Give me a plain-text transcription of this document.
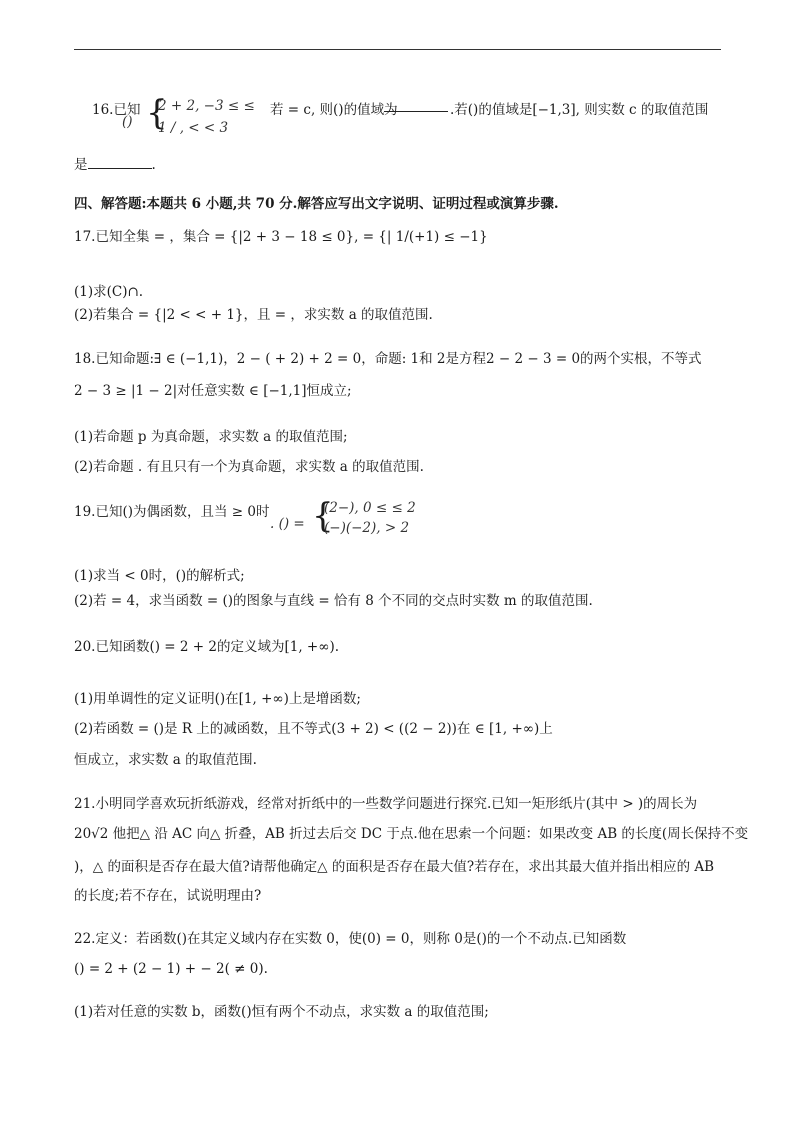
16.已知
() {
2 + 2, −3 ≤ ≤
1 / , < < 3
若 = c, 则()的值域为	.若()的值域是[−1,3], 则实数 c 的取值范围
是	.
四、解答题:本题共 6 小题,共 70 分.解答应写出文字说明、证明过程或演算步骤.
17.已知全集 = ，集合 = {|2 + 3 − 18 ≤ 0}, = {| 1/(+1) ≤ −1}
(1)求(C)∩.
(2)若集合 = {|2 < < + 1}，且 = ，求实数 a 的取值范围.
18.已知命题:∃ ∈ (−1,1)，2 − ( + 2) + 2 = 0，命题: 1和 2是方程2 − 2 − 3 = 0的两个实根，不等式
2 − 3 ≥ |1 − 2|对任意实数 ∈ [−1,1]恒成立;
(1)若命题 p 为真命题，求实数 a 的取值范围;
(2)若命题 . 有且只有一个为真命题，求实数 a 的取值范围.
19.已知()为偶函数，且当 ≥ 0时
. () = {
(2−), 0 ≤ ≤ 2
(−)(−2), > 2
(1)求当 < 0时，()的解析式;
(2)若 = 4，求当函数 = ()的图象与直线 = 恰有 8 个不同的交点时实数 m 的取值范围.
20.已知函数() = 2 + 2的定义域为[1, +∞).
(1)用单调性的定义证明()在[1, +∞)上是增函数;
(2)若函数 = ()是 R 上的减函数，且不等式(3 + 2) < ((2 − 2))在 ∈ [1, +∞)上
恒成立，求实数 a 的取值范围.
21.小明同学喜欢玩折纸游戏，经常对折纸中的一些数学问题进行探究.已知一矩形纸片(其中 > )的周长为
20√2 他把△ 沿 AC 向△ 折叠，AB 折过去后交 DC 于点.他在思索一个问题：如果改变 AB 的长度(周长保持不变
)，△ 的面积是否存在最大值?请帮他确定△ 的面积是否存在最大值?若存在，求出其最大值并指出相应的 AB
的长度;若不存在，试说明理由?
22.定义：若函数()在其定义域内存在实数 0，使(0) = 0，则称 0是()的一个不动点.已知函数
() = 2 + (2 − 1) + − 2( ≠ 0).
(1)若对任意的实数 b，函数()恒有两个不动点，求实数 a 的取值范围;
